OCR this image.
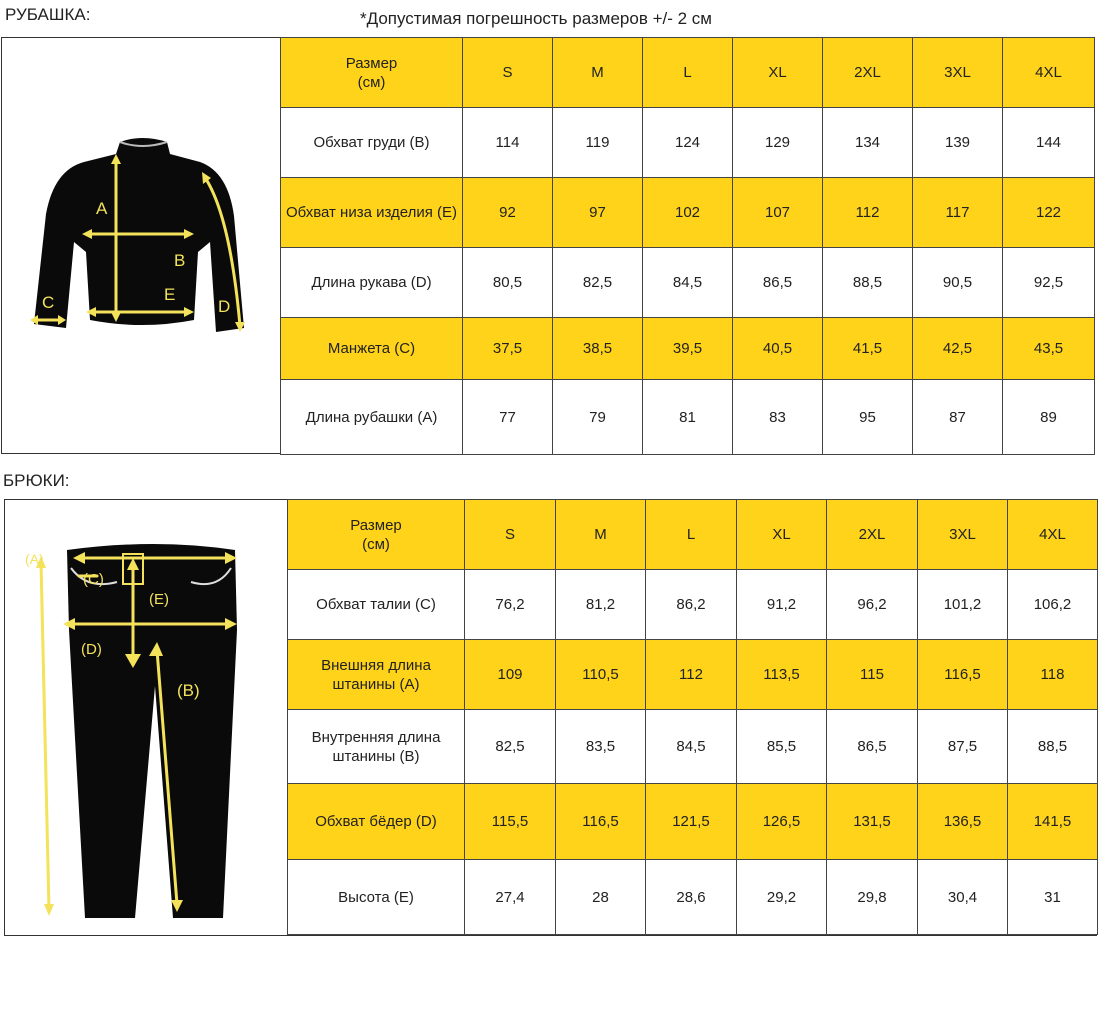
РУБАШКА:	*Допустимая погрешность размеров +/- 2 см
A
B
C	D
E
Размер
(см)	S	M	L	XL	2XL	3XL	4XL
Обхват груди (B)	114	119	124	129	134	139	144
Обхват низа изделия (E)	92	97	102	107	112	117	122
Длина рукава (D)	80,5	82,5	84,5	86,5	88,5	90,5	92,5
Манжета (C)	37,5	38,5	39,5	40,5	41,5	42,5	43,5
Длина рубашки (A)	77	79	81	83	95	87	89
БРЮКИ:
(A)
(B)
(C)
(D)
(E)
Размер
(см)	S	M	L	XL	2XL	3XL	4XL
Обхват талии (C)	76,2	81,2	86,2	91,2	96,2	101,2	106,2
Внешняя длина штанины (A)	109	110,5	112	113,5	115	116,5	118
Внутренняя длина штанины (B)	82,5	83,5	84,5	85,5	86,5	87,5	88,5
Обхват бёдер (D)	115,5	116,5	121,5	126,5	131,5	136,5	141,5
Высота (E)	27,4	28	28,6	29,2	29,8	30,4	31
